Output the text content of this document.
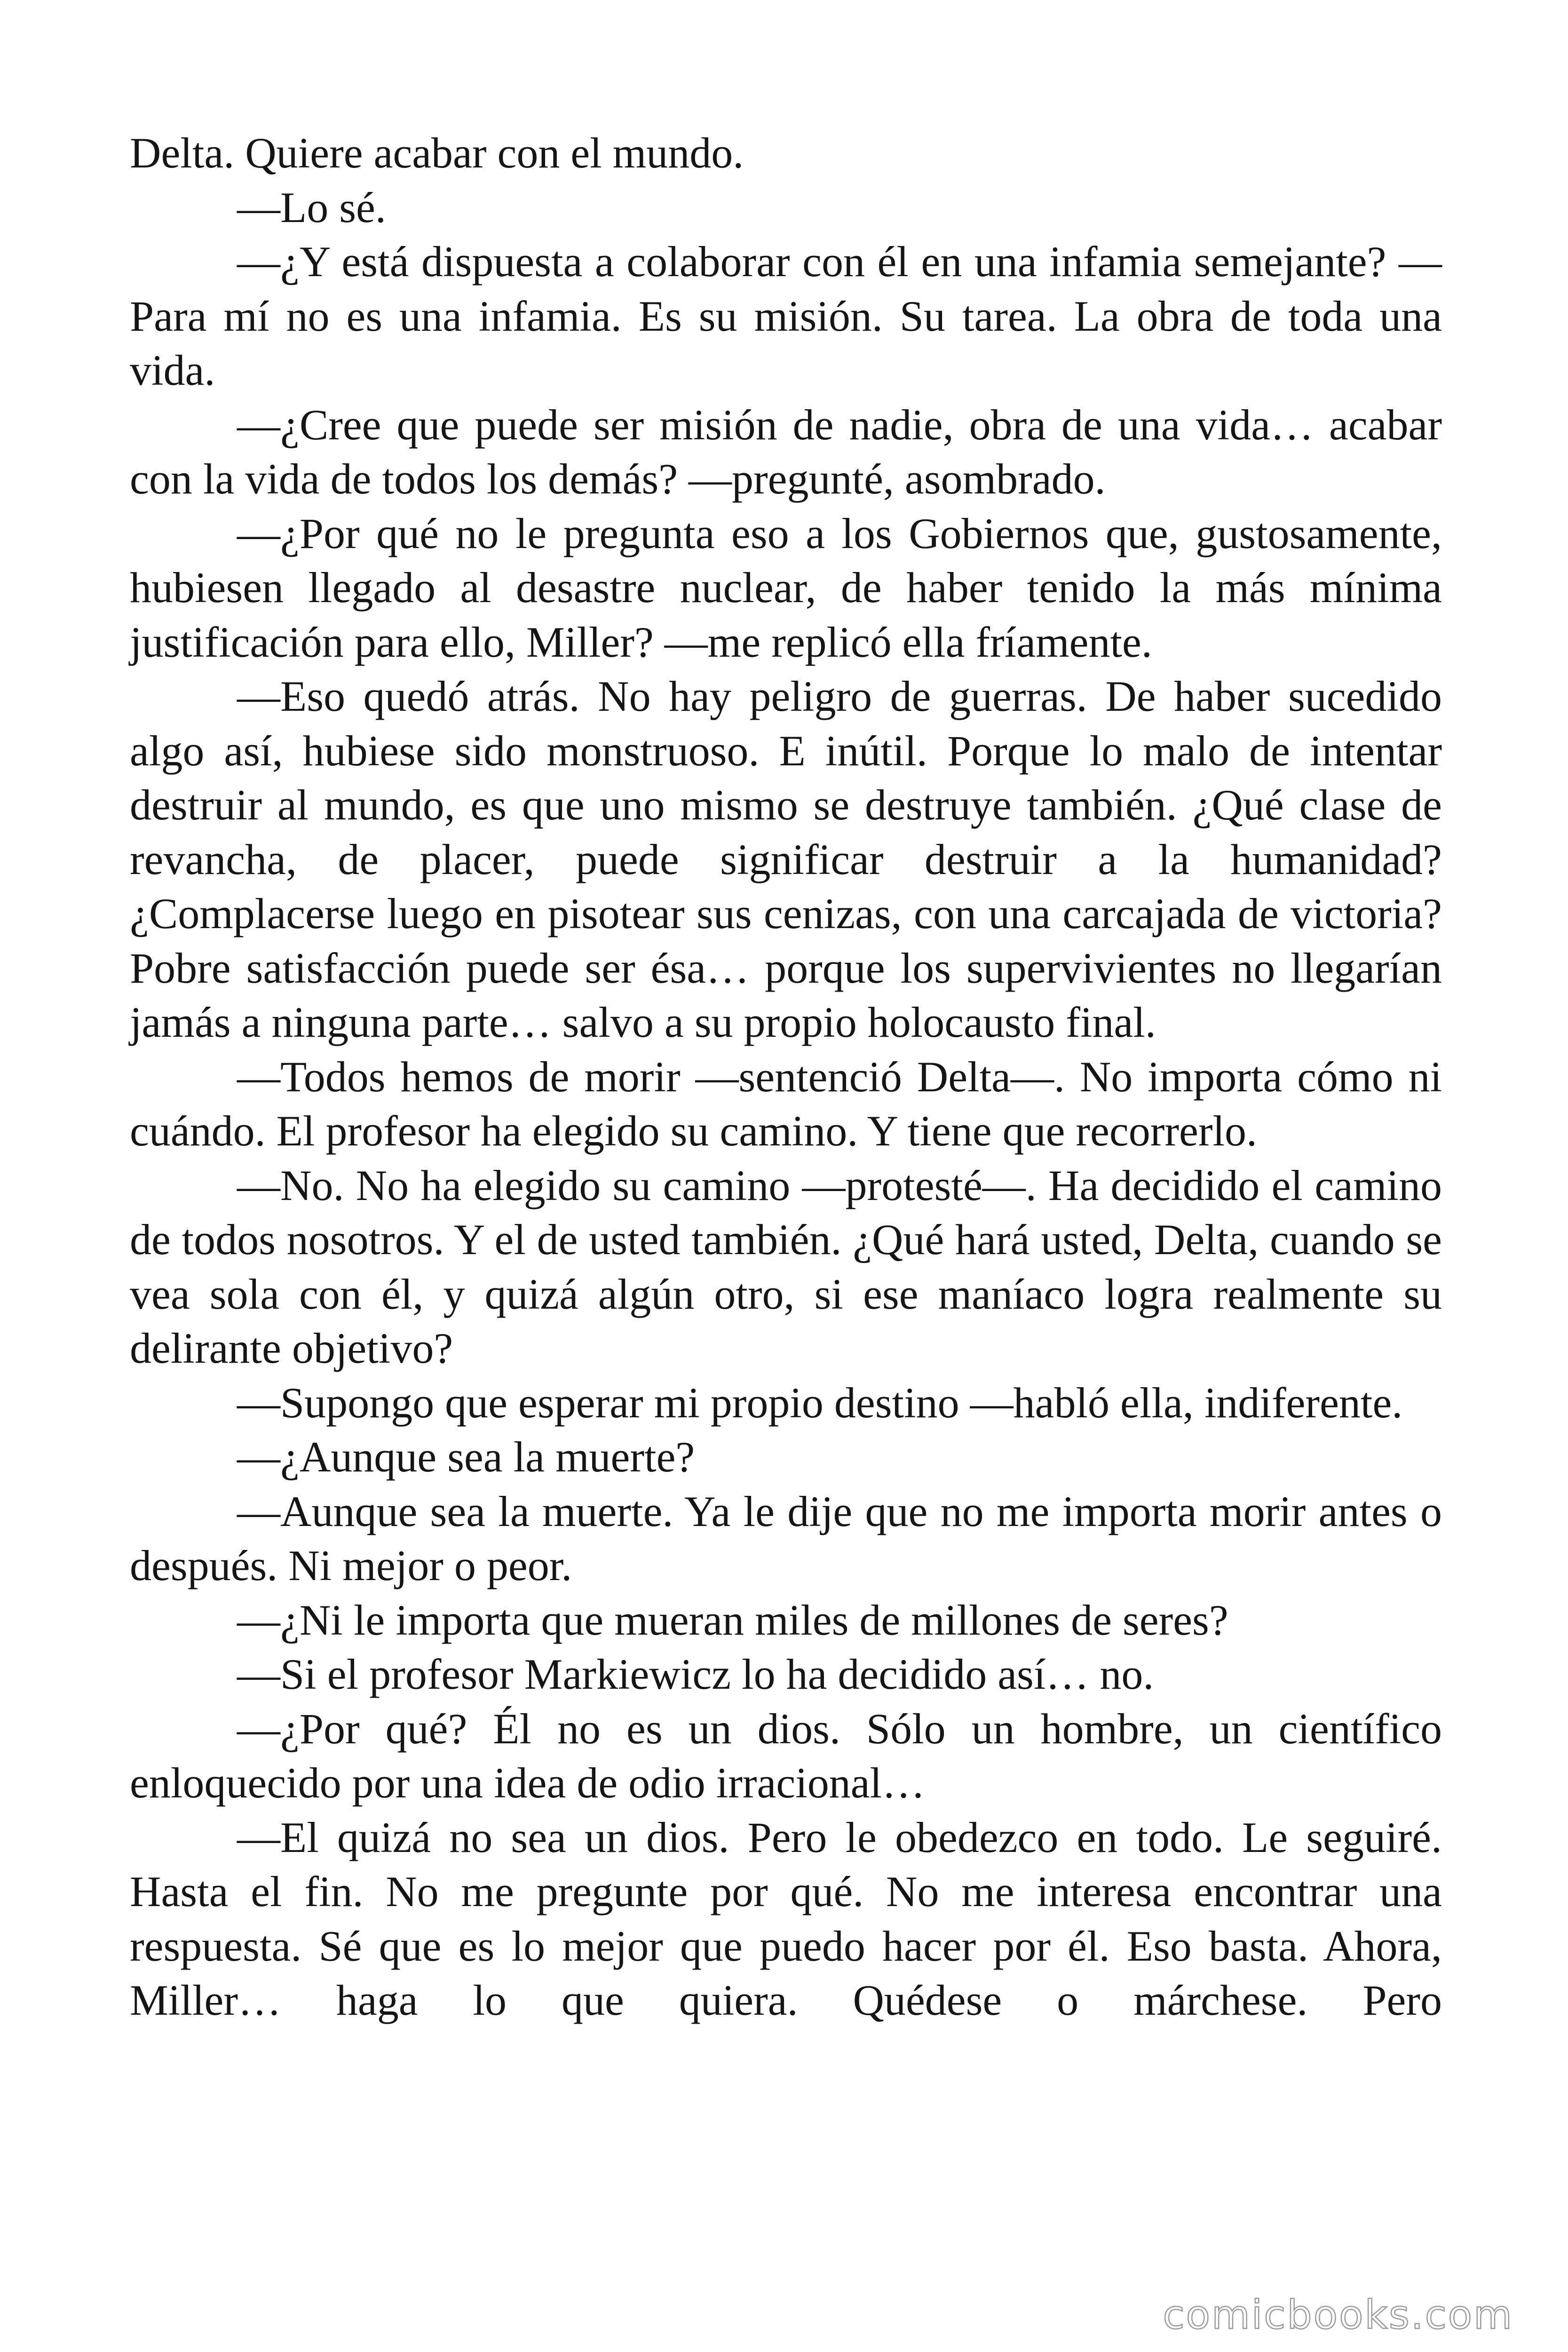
Delta. Quiere acabar con el mundo.

—Lo sé.

—¿Y está dispuesta a colaborar con él en una infamia semejante? —Para mí no es una infamia. Es su misión. Su tarea. La obra de toda una vida.

—¿Cree que puede ser misión de nadie, obra de una vida… acabar con la vida de todos los demás? —pregunté, asombrado.

—¿Por qué no le pregunta eso a los Gobiernos que, gustosamente, hubiesen llegado al desastre nuclear, de haber tenido la más mínima justificación para ello, Miller? —me replicó ella fríamente.

—Eso quedó atrás. No hay peligro de guerras. De haber sucedido algo así, hubiese sido monstruoso. E inútil. Porque lo malo de intentar destruir al mundo, es que uno mismo se destruye también. ¿Qué clase de revancha, de placer, puede significar destruir a la humanidad? ¿Complacerse luego en pisotear sus cenizas, con una carcajada de victoria? Pobre satisfacción puede ser ésa… porque los supervivientes no llegarían jamás a ninguna parte… salvo a su propio holocausto final.

—Todos hemos de morir —sentenció Delta—. No importa cómo ni cuándo. El profesor ha elegido su camino. Y tiene que recorrerlo.

—No. No ha elegido su camino —protesté—. Ha decidido el camino de todos nosotros. Y el de usted también. ¿Qué hará usted, Delta, cuando se vea sola con él, y quizá algún otro, si ese maníaco logra realmente su delirante objetivo?

—Supongo que esperar mi propio destino —habló ella, indiferente.

—¿Aunque sea la muerte?

—Aunque sea la muerte. Ya le dije que no me importa morir antes o después. Ni mejor o peor.

—¿Ni le importa que mueran miles de millones de seres?

—Si el profesor Markiewicz lo ha decidido así… no.

—¿Por qué? Él no es un dios. Sólo un hombre, un científico enloquecido por una idea de odio irracional…

—El quizá no sea un dios. Pero le obedezco en todo. Le seguiré. Hasta el fin. No me pregunte por qué. No me interesa encontrar una respuesta. Sé que es lo mejor que puedo hacer por él. Eso basta. Ahora, Miller… haga lo que quiera. Quédese o márchese. Pero

comicbooks.com
